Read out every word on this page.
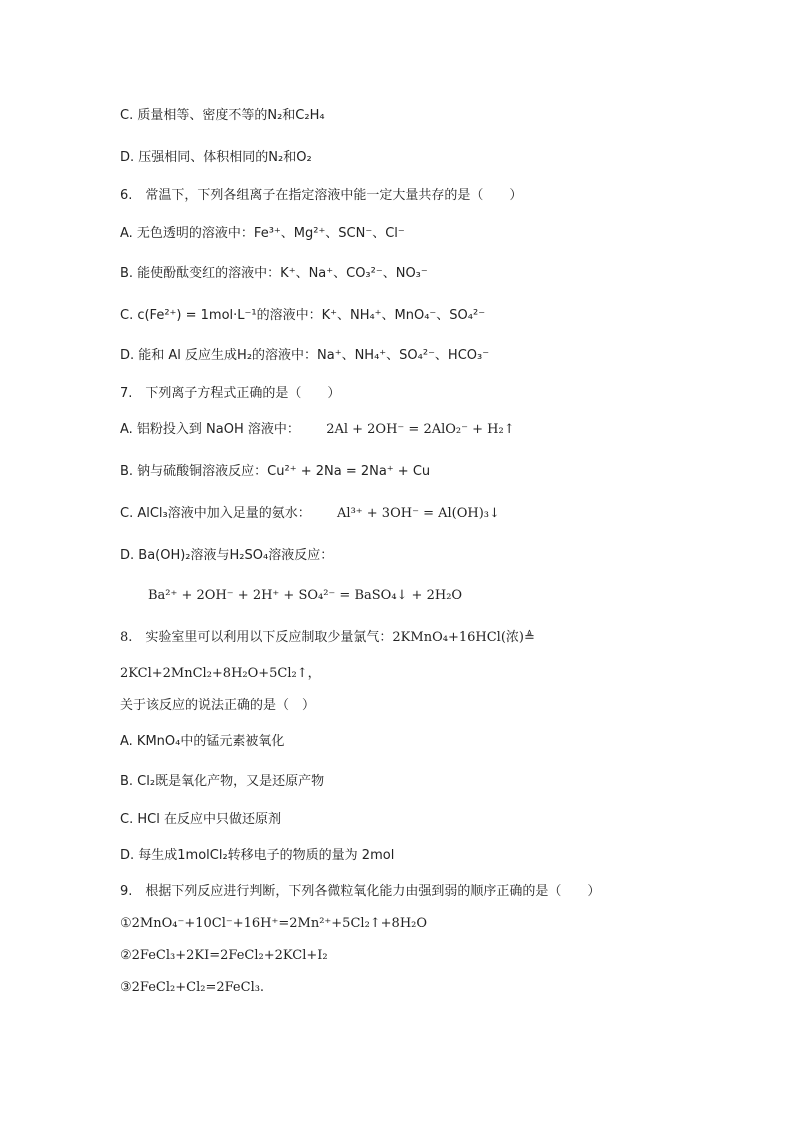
C. 质量相等、密度不等的N₂和C₂H₄
D. 压强相同、体积相同的N₂和O₂
6.　常温下，下列各组离子在指定溶液中能一定大量共存的是（　　）
A. 无色透明的溶液中：Fe³⁺、Mg²⁺、SCN⁻、Cl⁻
B. 能使酚酞变红的溶液中：K⁺、Na⁺、CO₃²⁻、NO₃⁻
C. c(Fe²⁺) = 1mol·L⁻¹的溶液中：K⁺、NH₄⁺、MnO₄⁻、SO₄²⁻
D. 能和 Al 反应生成H₂的溶液中：Na⁺、NH₄⁺、SO₄²⁻、HCO₃⁻
7.　下列离子方程式正确的是（　　）
A. 铝粉投入到 NaOH 溶液中： 2Al + 2OH⁻ = 2AlO₂⁻ + H₂↑
B. 钠与硫酸铜溶液反应：Cu²⁺ + 2Na = 2Na⁺ + Cu
C. AlCl₃溶液中加入足量的氨水： Al³⁺ + 3OH⁻ = Al(OH)₃↓
D. Ba(OH)₂溶液与H₂SO₄溶液反应：
Ba²⁺ + 2OH⁻ + 2H⁺ + SO₄²⁻ = BaSO₄↓ + 2H₂O
8.　实验室里可以利用以下反应制取少量氯气：2KMnO₄+16HCl(浓)≜
2KCl+2MnCl₂+8H₂O+5Cl₂↑，
关于该反应的说法正确的是（　）
A. KMnO₄中的锰元素被氧化
B. Cl₂既是氧化产物，又是还原产物
C. HCl 在反应中只做还原剂
D. 每生成1molCl₂转移电子的物质的量为 2mol
9.　根据下列反应进行判断，下列各微粒氧化能力由强到弱的顺序正确的是（　　）
①2MnO₄⁻+10Cl⁻+16H⁺=2Mn²⁺+5Cl₂↑+8H₂O
②2FeCl₃+2KI=2FeCl₂+2KCl+I₂
③2FeCl₂+Cl₂=2FeCl₃.
